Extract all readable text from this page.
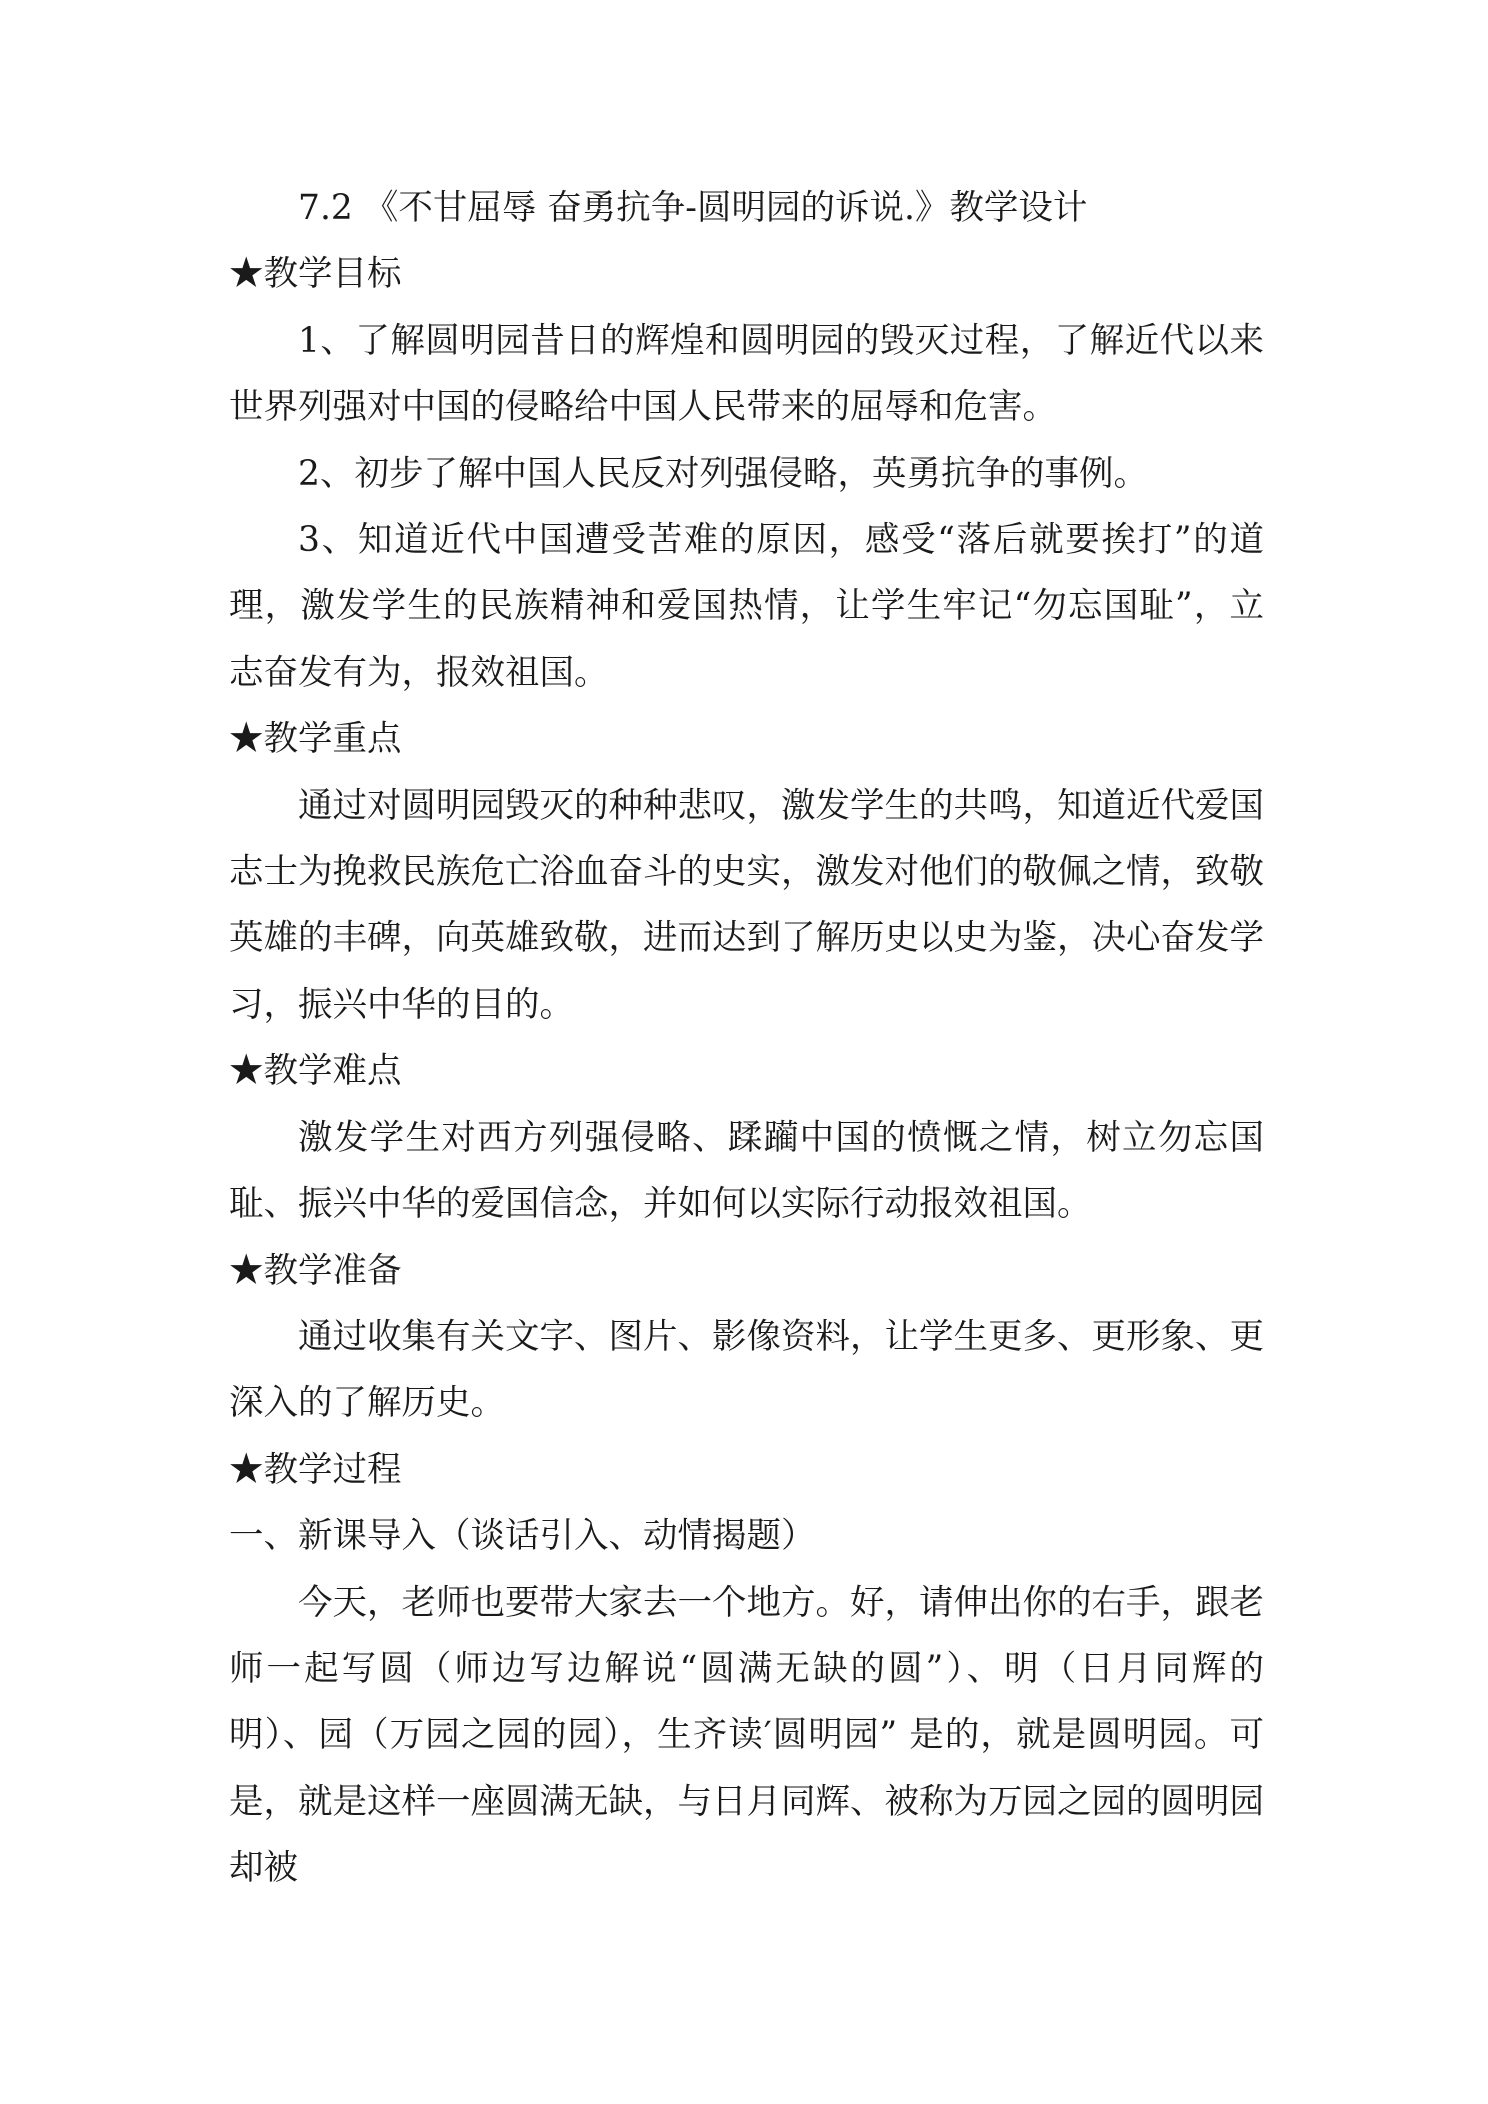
7.2 《不甘屈辱 奋勇抗争-圆明园的诉说.》教学设计

★教学目标

1、了解圆明园昔日的辉煌和圆明园的毁灭过程，了解近代以来世界列强对中国的侵略给中国人民带来的屈辱和危害。

2、初步了解中国人民反对列强侵略，英勇抗争的事例。

3、知道近代中国遭受苦难的原因，感受“落后就要挨打”的道理，激发学生的民族精神和爱国热情，让学生牢记“勿忘国耻”，立志奋发有为，报效祖国。

★教学重点

通过对圆明园毁灭的种种悲叹，激发学生的共鸣，知道近代爱国志士为挽救民族危亡浴血奋斗的史实，激发对他们的敬佩之情，致敬英雄的丰碑，向英雄致敬，进而达到了解历史以史为鉴，决心奋发学习，振兴中华的目的。

★教学难点

激发学生对西方列强侵略、蹂躏中国的愤慨之情，树立勿忘国耻、振兴中华的爱国信念，并如何以实际行动报效祖国。

★教学准备

通过收集有关文字、图片、影像资料，让学生更多、更形象、更深入的了解历史。

★教学过程

一、新课导入（谈话引入、动情揭题）

今天，老师也要带大家去一个地方。好，请伸出你的右手，跟老师一起写圆（师边写边解说“圆满无缺的圆”）、明（日月同辉的明）、园（万园之园的园），生齐读′圆明园” 是的，就是圆明园。可是，就是这样一座圆满无缺，与日月同辉、被称为万园之园的圆明园却被
